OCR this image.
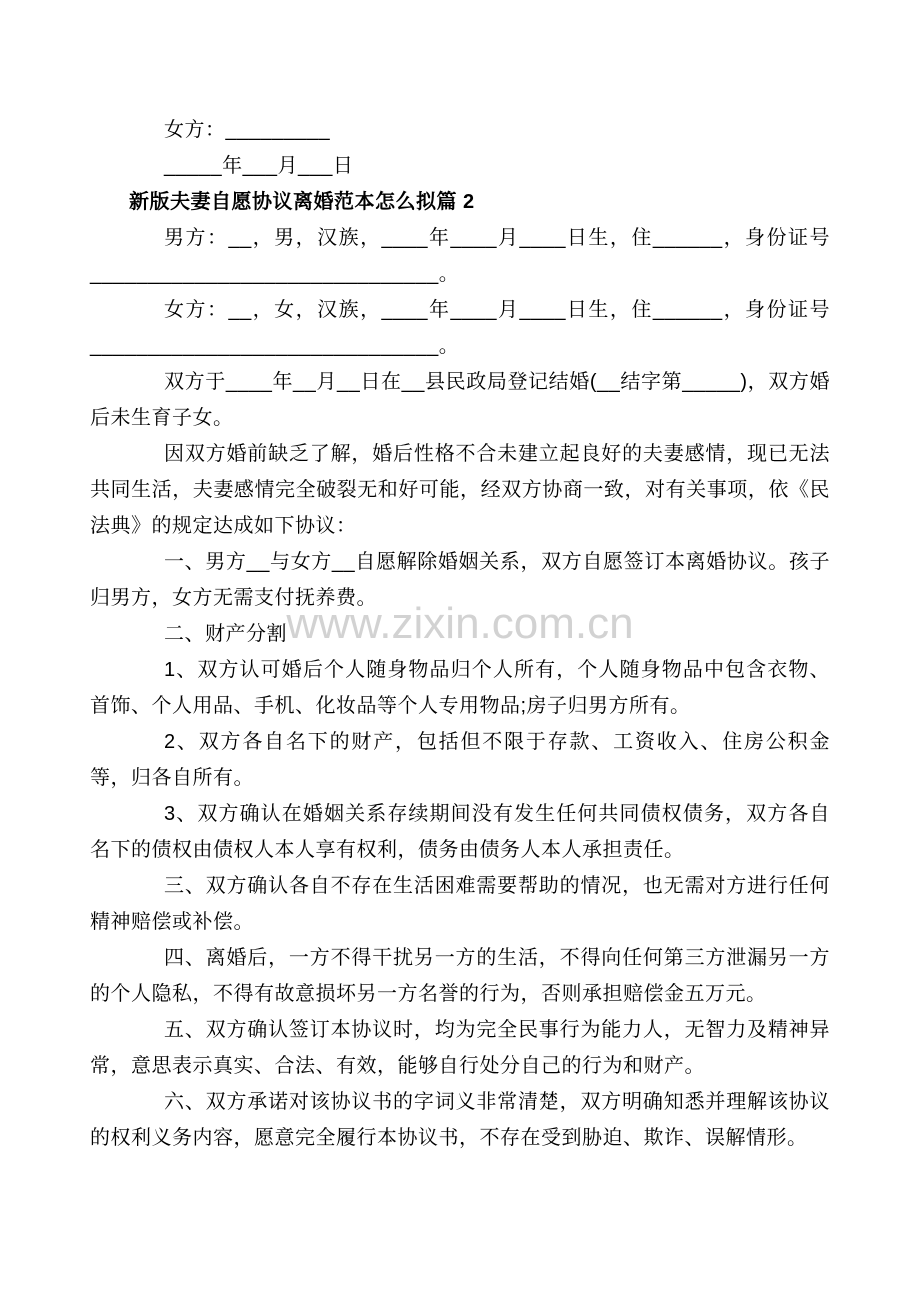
www.zixin.com.cn

女方：_________

_____年___月___日

新版夫妻自愿协议离婚范本怎么拟篇 2

男方：__，男，汉族，____年____月____日生，住______，身份证号______________________________。

女方：__，女，汉族，____年____月____日生，住______，身份证号______________________________。

双方于____年__月__日在__县民政局登记结婚(__结字第_____)，双方婚后未生育子女。

因双方婚前缺乏了解，婚后性格不合未建立起良好的夫妻感情，现已无法共同生活，夫妻感情完全破裂无和好可能，经双方协商一致，对有关事项，依《民法典》的规定达成如下协议：

一、男方__与女方__自愿解除婚姻关系，双方自愿签订本离婚协议。孩子归男方，女方无需支付抚养费。

二、财产分割

1、双方认可婚后个人随身物品归个人所有，个人随身物品中包含衣物、首饰、个人用品、手机、化妆品等个人专用物品;房子归男方所有。

2、双方各自名下的财产，包括但不限于存款、工资收入、住房公积金等，归各自所有。

3、双方确认在婚姻关系存续期间没有发生任何共同债权债务，双方各自名下的债权由债权人本人享有权利，债务由债务人本人承担责任。

三、双方确认各自不存在生活困难需要帮助的情况，也无需对方进行任何精神赔偿或补偿。

四、离婚后，一方不得干扰另一方的生活，不得向任何第三方泄漏另一方的个人隐私，不得有故意损坏另一方名誉的行为，否则承担赔偿金五万元。

五、双方确认签订本协议时，均为完全民事行为能力人，无智力及精神异常，意思表示真实、合法、有效，能够自行处分自己的行为和财产。

六、双方承诺对该协议书的字词义非常清楚，双方明确知悉并理解该协议的权利义务内容，愿意完全履行本协议书，不存在受到胁迫、欺诈、误解情形。
